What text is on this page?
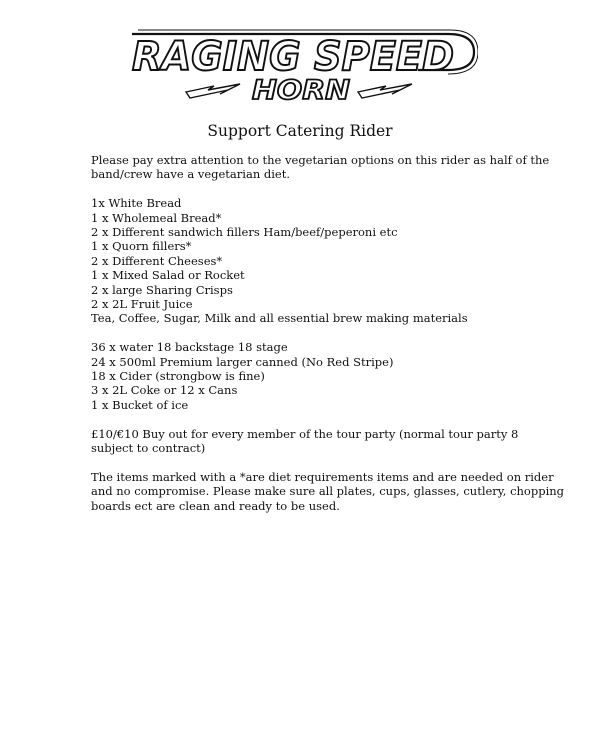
RAGING SPEED
HORN
Support Catering Rider
Please pay extra attention to the vegetarian options on this rider as half of the
band/crew have a vegetarian diet.
1x White Bread
1 x Wholemeal Bread*
2 x Different sandwich fillers Ham/beef/peperoni etc
1 x Quorn fillers*
2 x Different Cheeses*
1 x Mixed Salad or Rocket
2 x large Sharing Crisps
2 x 2L Fruit Juice
Tea, Coffee, Sugar, Milk and all essential brew making materials
36 x water 18 backstage 18 stage
24 x 500ml Premium larger canned (No Red Stripe)
18 x Cider (strongbow is fine)
3 x 2L Coke or 12 x Cans
1 x Bucket of ice
£10/€10 Buy out for every member of the tour party (normal tour party 8
subject to contract)
The items marked with a *are diet requirements items and are needed on rider
and no compromise. Please make sure all plates, cups, glasses, cutlery, chopping
boards ect are clean and ready to be used.
